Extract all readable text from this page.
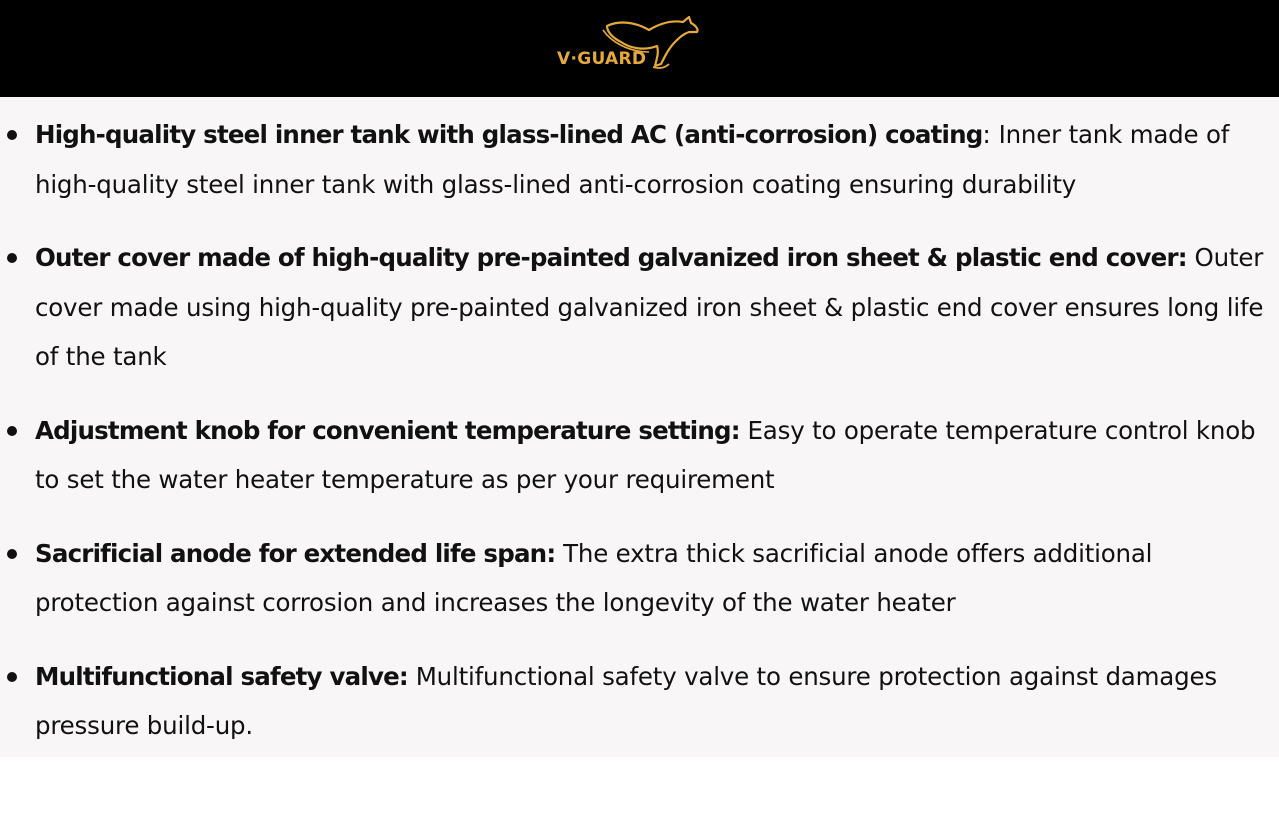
V·GUARD
High-quality steel inner tank with glass-lined AC (anti-corrosion) coating: Inner tank made of high-quality steel inner tank with glass-lined anti-corrosion coating ensuring durability
Outer cover made of high-quality pre-painted galvanized iron sheet & plastic end cover: Outer cover made using high-quality pre-painted galvanized iron sheet & plastic end cover ensures long life of the tank
Adjustment knob for convenient temperature setting: Easy to operate temperature control knob to set the water heater temperature as per your requirement
Sacrificial anode for extended life span: The extra thick sacrificial anode offers additional protection against corrosion and increases the longevity of the water heater
Multifunctional safety valve: Multifunctional safety valve to ensure protection against damages pressure build-up.
